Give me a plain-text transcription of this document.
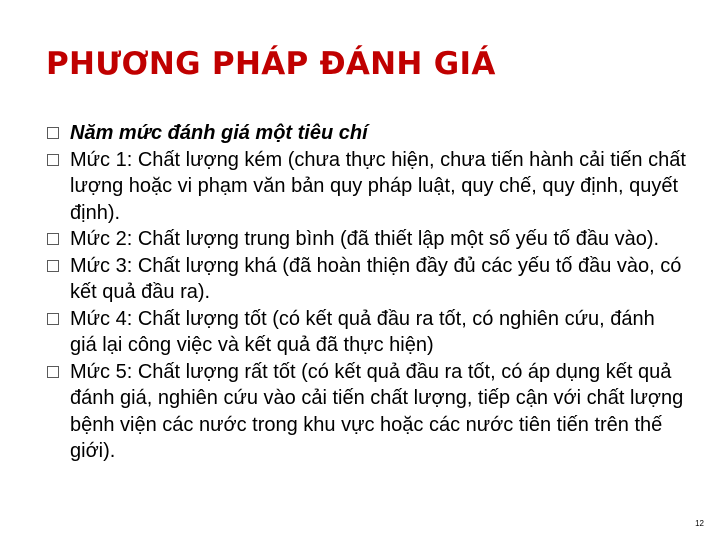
PHƯƠNG PHÁP ĐÁNH GIÁ
Năm mức đánh giá một tiêu chí
Mức 1: Chất lượng kém (chưa thực hiện, chưa tiến hành cải tiến chất lượng hoặc vi phạm văn bản quy pháp luật, quy chế, quy định, quyết định).
Mức 2: Chất lượng trung bình (đã thiết lập một số yếu tố đầu vào).
Mức 3: Chất lượng khá (đã hoàn thiện đầy đủ các yếu tố đầu vào, có kết quả đầu ra).
Mức 4: Chất lượng tốt (có kết quả đầu ra tốt, có nghiên cứu, đánh giá lại công việc và kết quả đã thực hiện)
Mức 5: Chất lượng rất tốt (có kết quả đầu ra tốt, có áp dụng kết quả đánh giá, nghiên cứu vào cải tiến chất lượng, tiếp cận với chất lượng bệnh viện các nước trong khu vực hoặc các nước tiên tiến trên thế giới).
12
